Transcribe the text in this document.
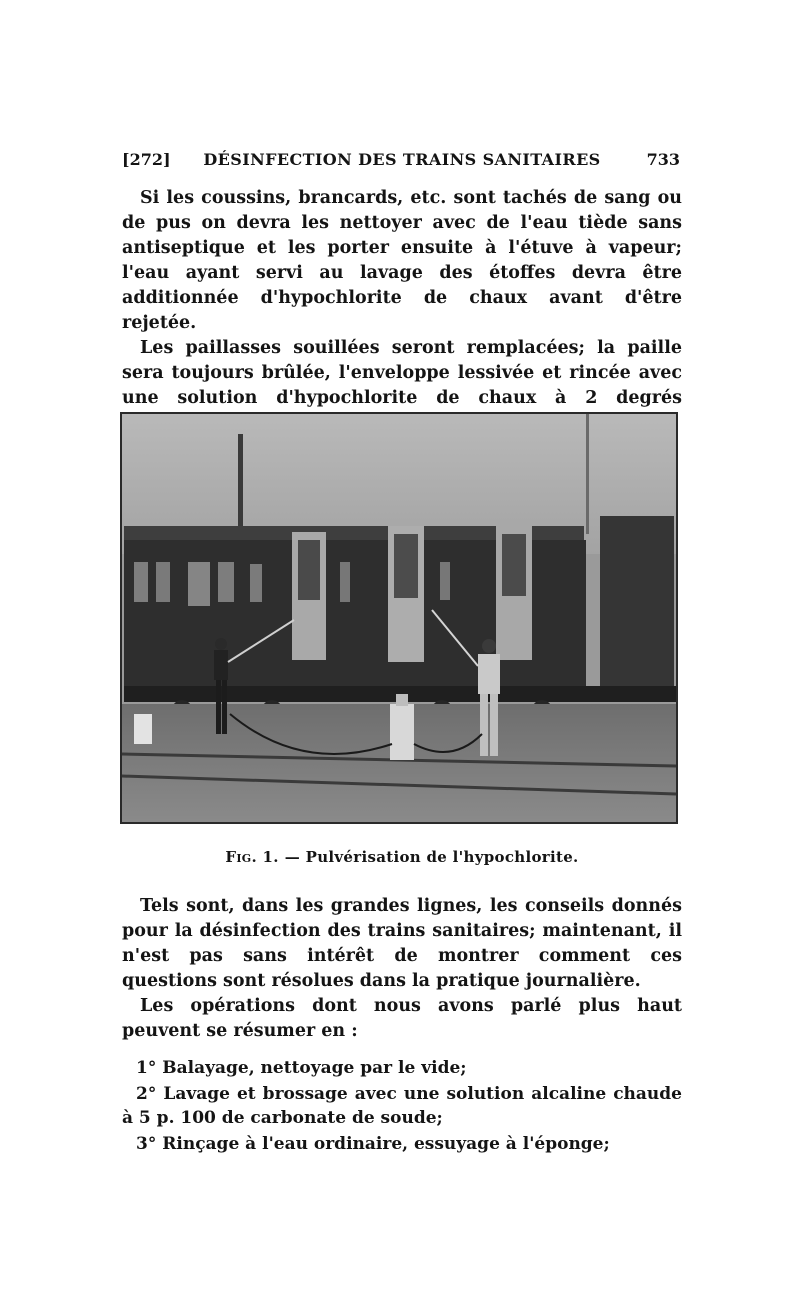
[272]	DÉSINFECTION DES TRAINS SANITAIRES	733

Si les coussins, brancards, etc. sont tachés de sang ou de pus on devra les nettoyer avec de l'eau tiède sans antiseptique et les porter ensuite à l'étuve à vapeur; l'eau ayant servi au lavage des étoffes devra être additionnée d'hypochlorite de chaux avant d'être rejetée.

Les paillasses souillées seront remplacées; la paille sera toujours brûlée, l'enveloppe lessivée et rincée avec une solution d'hypochlorite de chaux à 2 degrés

Fig. 1. — Pulvérisation de l'hypochlorite.

Tels sont, dans les grandes lignes, les conseils donnés pour la désinfection des trains sanitaires; maintenant, il n'est pas sans intérêt de montrer comment ces questions sont résolues dans la pratique journalière.

Les opérations dont nous avons parlé plus haut peuvent se résumer en :

1° Balayage, nettoyage par le vide;

2° Lavage et brossage avec une solution alcaline chaude à 5 p. 100 de carbonate de soude;

3° Rinçage à l'eau ordinaire, essuyage à l'éponge;
